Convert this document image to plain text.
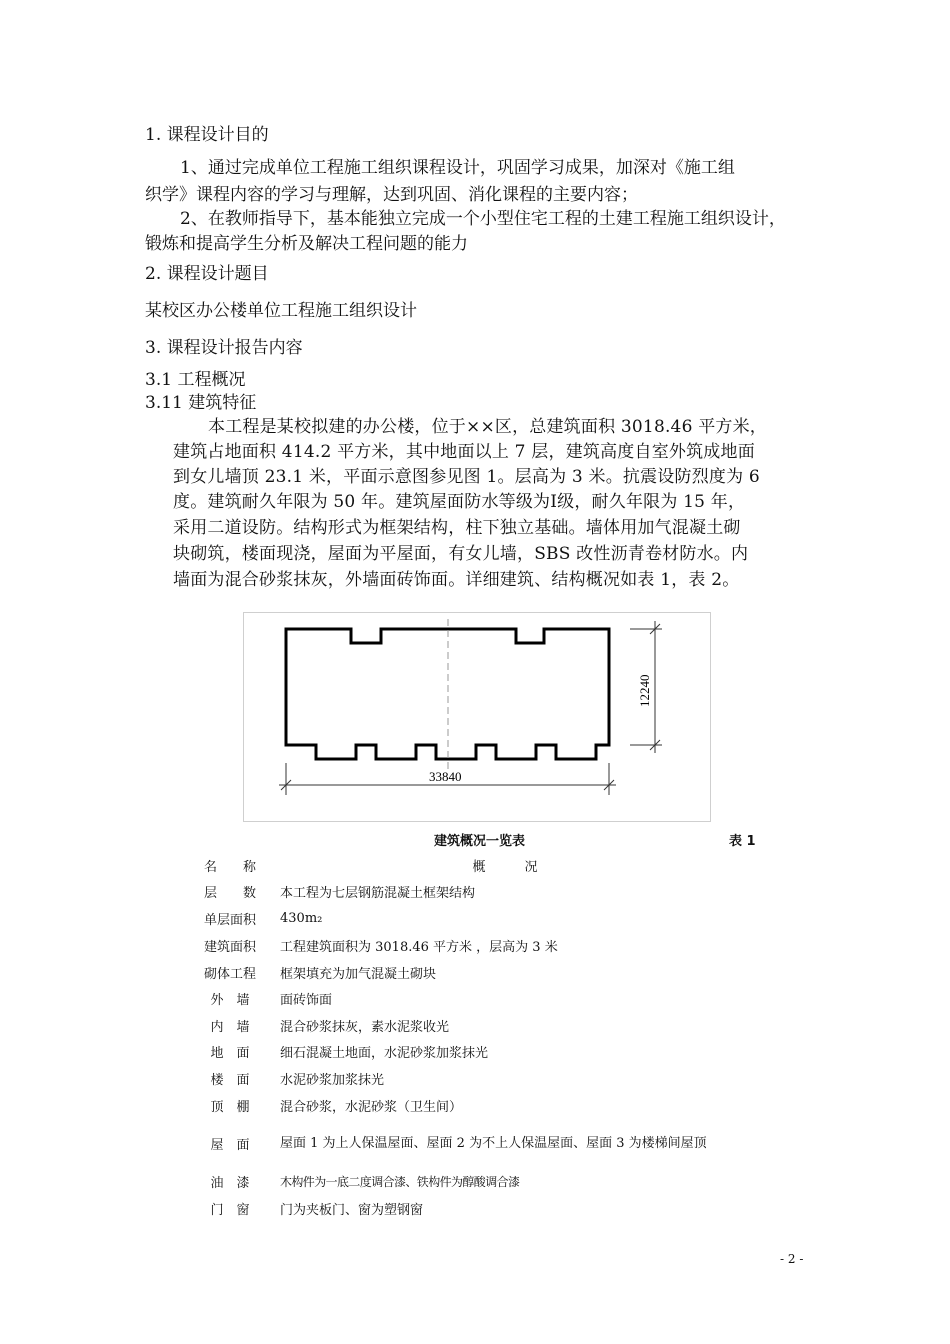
1. 课程设计目的

1、通过完成单位工程施工组织课程设计，巩固学习成果，加深对《施工组

织学》课程内容的学习与理解，达到巩固、消化课程的主要内容；

2、在教师指导下，基本能独立完成一个小型住宅工程的土建工程施工组织设计，

锻炼和提高学生分析及解决工程问题的能力

2. 课程设计题目

某校区办公楼单位工程施工组织设计

3. 课程设计报告内容

3.1 工程概况

3.11 建筑特征

本工程是某校拟建的办公楼，位于××区，总建筑面积 3018.46 平方米，

建筑占地面积 414.2 平方米，其中地面以上 7 层，建筑高度自室外筑成地面

到女儿墙顶 23.1 米，平面示意图参见图 1。层高为 3 米。抗震设防烈度为 6

度。建筑耐久年限为 50 年。建筑屋面防水等级为Ⅰ级，耐久年限为 15 年，

采用二道设防。结构形式为框架结构，柱下独立基础。墙体用加气混凝土砌

块砌筑，楼面现浇，屋面为平屋面，有女儿墙，SBS 改性沥青卷材防水。内

墙面为混合砂浆抹灰，外墙面砖饰面。详细建筑、结构概况如表 1，表 2。

33840
12240

建筑概况一览表	表 1

名　　称	概　　　况
层　　数	本工程为七层钢筋混凝土框架结构
单层面积	430m₂
建筑面积	工程建筑面积为 3018.46 平方米 ，层高为 3 米
砌体工程	框架填充为加气混凝土砌块
外　墙	面砖饰面
内　墙	混合砂浆抹灰，素水泥浆收光
地　面	细石混凝土地面，水泥砂浆加浆抹光
楼　面	水泥砂浆加浆抹光
顶　棚	混合砂浆，水泥砂浆（卫生间）
屋　面	屋面 1 为上人保温屋面、屋面 2 为不上人保温屋面、屋面 3 为楼梯间屋顶
油　漆	木构件为一底二度调合漆、铁构件为醇酸调合漆
门　窗	门为夹板门、窗为塑钢窗

- 2 -
